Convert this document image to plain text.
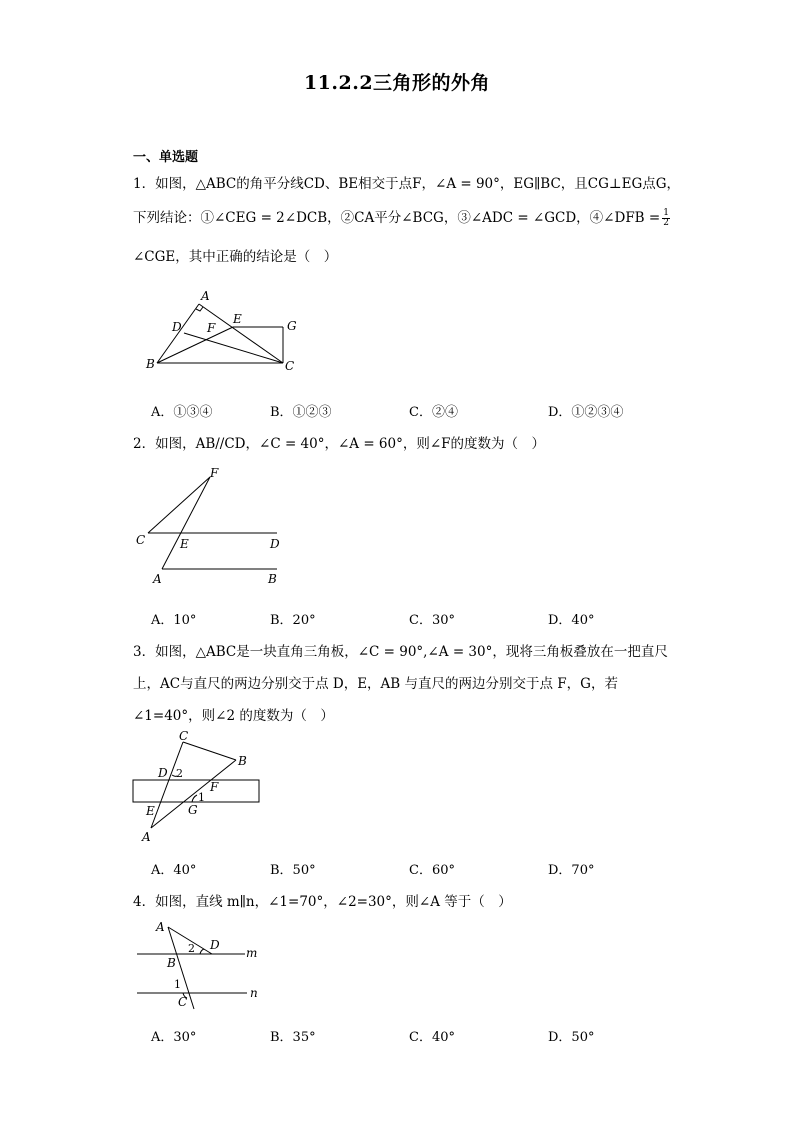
11.2.2三角形的外角
一、单选题
1．如图，△ABC的角平分线CD、BE相交于点F，∠A = 90°，EG∥BC，且CG⊥EG点G，
下列结论：①∠CEG = 2∠DCB，②CA平分∠BCG，③∠ADC = ∠GCD，④∠DFB = $\frac{1}{2}$
∠CGE，其中正确的结论是（　）
A
D F
E	G
B	C
A．①③④	B．①②③	C．②④	D．①②③④
2．如图，AB//CD，∠C = 40°，∠A = 60°，则∠F的度数为（　）
F
C	E	D
A	B
A．10°	B．20°	C．30°	D．40°
3．如图，△ABC是一块直角三角板，∠C = 90°,∠A = 30°，现将三角板叠放在一把直尺
上，AC与直尺的两边分别交于点 D，E，AB 与直尺的两边分别交于点 F，G，若
∠1=40°，则∠2 的度数为（　）
C
B
D 2
F
1
E	G
A
A．40°	B．50°	C．60°	D．70°
4．如图，直线 m∥n，∠1=70°，∠2=30°，则∠A 等于（　）
A
D
2	m
B
1
n
C
A．30°	B．35°	C．40°	D．50°
